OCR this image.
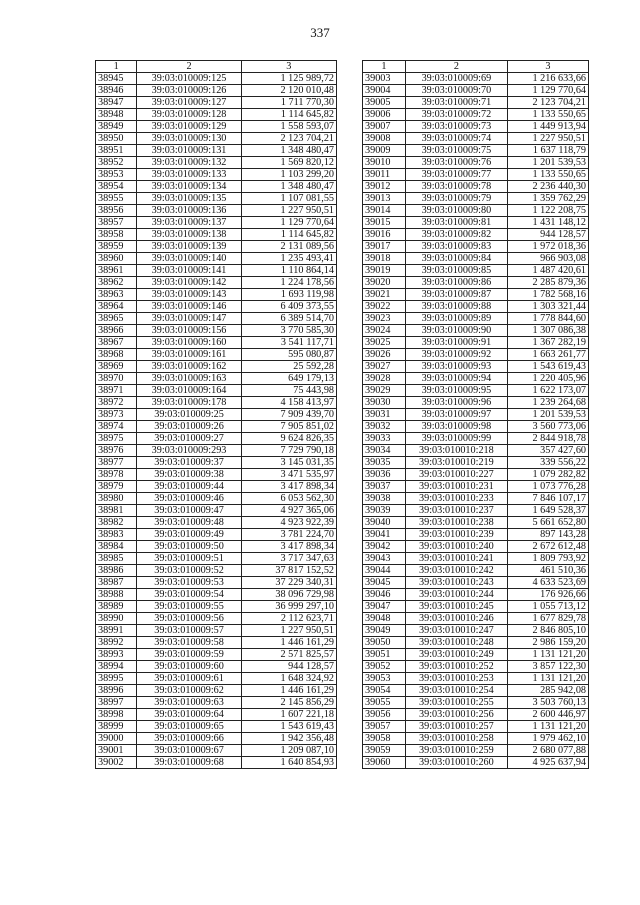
337
1	2	3
38945	39:03:010009:125	1 125 989,72
38946	39:03:010009:126	2 120 010,48
38947	39:03:010009:127	1 711 770,30
38948	39:03:010009:128	1 114 645,82
38949	39:03:010009:129	1 558 593,07
38950	39:03:010009:130	2 123 704,21
38951	39:03:010009:131	1 348 480,47
38952	39:03:010009:132	1 569 820,12
38953	39:03:010009:133	1 103 299,20
38954	39:03:010009:134	1 348 480,47
38955	39:03:010009:135	1 107 081,55
38956	39:03:010009:136	1 227 950,51
38957	39:03:010009:137	1 129 770,64
38958	39:03:010009:138	1 114 645,82
38959	39:03:010009:139	2 131 089,56
38960	39:03:010009:140	1 235 493,41
38961	39:03:010009:141	1 110 864,14
38962	39:03:010009:142	1 224 178,56
38963	39:03:010009:143	1 693 119,98
38964	39:03:010009:146	6 409 373,55
38965	39:03:010009:147	6 389 514,70
38966	39:03:010009:156	3 770 585,30
38967	39:03:010009:160	3 541 117,71
38968	39:03:010009:161	595 080,87
38969	39:03:010009:162	25 592,28
38970	39:03:010009:163	649 179,13
38971	39:03:010009:164	75 443,98
38972	39:03:010009:178	4 158 413,97
38973	39:03:010009:25	7 909 439,70
38974	39:03:010009:26	7 905 851,02
38975	39:03:010009:27	9 624 826,35
38976	39:03:010009:293	7 729 790,18
38977	39:03:010009:37	3 145 031,35
38978	39:03:010009:38	3 471 535,97
38979	39:03:010009:44	3 417 898,34
38980	39:03:010009:46	6 053 562,30
38981	39:03:010009:47	4 927 365,06
38982	39:03:010009:48	4 923 922,39
38983	39:03:010009:49	3 781 224,70
38984	39:03:010009:50	3 417 898,34
38985	39:03:010009:51	3 717 347,63
38986	39:03:010009:52	37 817 152,52
38987	39:03:010009:53	37 229 340,31
38988	39:03:010009:54	38 096 729,98
38989	39:03:010009:55	36 999 297,10
38990	39:03:010009:56	2 112 623,71
38991	39:03:010009:57	1 227 950,51
38992	39:03:010009:58	1 446 161,29
38993	39:03:010009:59	2 571 825,57
38994	39:03:010009:60	944 128,57
38995	39:03:010009:61	1 648 324,92
38996	39:03:010009:62	1 446 161,29
38997	39:03:010009:63	2 145 856,29
38998	39:03:010009:64	1 607 221,18
38999	39:03:010009:65	1 543 619,43
39000	39:03:010009:66	1 942 356,48
39001	39:03:010009:67	1 209 087,10
39002	39:03:010009:68	1 640 854,93
1	2	3
39003	39:03:010009:69	1 216 633,66
39004	39:03:010009:70	1 129 770,64
39005	39:03:010009:71	2 123 704,21
39006	39:03:010009:72	1 133 550,65
39007	39:03:010009:73	1 449 913,94
39008	39:03:010009:74	1 227 950,51
39009	39:03:010009:75	1 637 118,79
39010	39:03:010009:76	1 201 539,53
39011	39:03:010009:77	1 133 550,65
39012	39:03:010009:78	2 236 440,30
39013	39:03:010009:79	1 359 762,29
39014	39:03:010009:80	1 122 208,75
39015	39:03:010009:81	1 431 148,12
39016	39:03:010009:82	944 128,57
39017	39:03:010009:83	1 972 018,36
39018	39:03:010009:84	966 903,08
39019	39:03:010009:85	1 487 420,61
39020	39:03:010009:86	2 285 879,36
39021	39:03:010009:87	1 782 568,16
39022	39:03:010009:88	1 303 321,44
39023	39:03:010009:89	1 778 844,60
39024	39:03:010009:90	1 307 086,38
39025	39:03:010009:91	1 367 282,19
39026	39:03:010009:92	1 663 261,77
39027	39:03:010009:93	1 543 619,43
39028	39:03:010009:94	1 220 405,96
39029	39:03:010009:95	1 622 173,07
39030	39:03:010009:96	1 239 264,68
39031	39:03:010009:97	1 201 539,53
39032	39:03:010009:98	3 560 773,06
39033	39:03:010009:99	2 844 918,78
39034	39:03:010010:218	357 427,60
39035	39:03:010010:219	339 556,22
39036	39:03:010010:227	1 079 282,82
39037	39:03:010010:231	1 073 776,28
39038	39:03:010010:233	7 846 107,17
39039	39:03:010010:237	1 649 528,37
39040	39:03:010010:238	5 661 652,80
39041	39:03:010010:239	897 143,28
39042	39:03:010010:240	2 672 612,48
39043	39:03:010010:241	1 809 793,92
39044	39:03:010010:242	461 510,36
39045	39:03:010010:243	4 633 523,69
39046	39:03:010010:244	176 926,66
39047	39:03:010010:245	1 055 713,12
39048	39:03:010010:246	1 677 829,78
39049	39:03:010010:247	2 846 805,10
39050	39:03:010010:248	2 986 159,20
39051	39:03:010010:249	1 131 121,20
39052	39:03:010010:252	3 857 122,30
39053	39:03:010010:253	1 131 121,20
39054	39:03:010010:254	285 942,08
39055	39:03:010010:255	3 503 760,13
39056	39:03:010010:256	2 600 446,97
39057	39:03:010010:257	1 131 121,20
39058	39:03:010010:258	1 979 462,10
39059	39:03:010010:259	2 680 077,88
39060	39:03:010010:260	4 925 637,94
